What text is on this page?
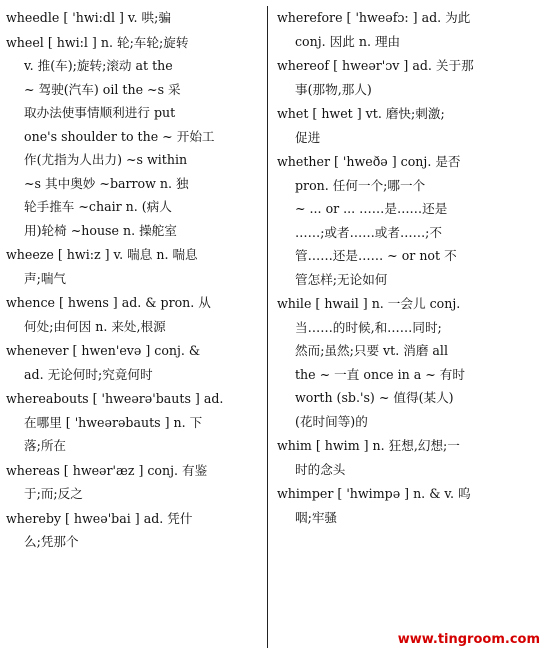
wheedle [ 'hwi:dl ] v. 哄;骗
wheel [ hwi:l ] n. 轮;车轮;旋转
v. 推(车);旋转;滚动 at the
~ 驾驶(汽车) oil the ~s 采
取办法使事情顺利进行 put
one's shoulder to the ~ 开始工
作(尤指为人出力) ~s within
~s 其中奥妙 ~barrow n. 独
轮手推车 ~chair n. (病人
用)轮椅 ~house n. 操舵室
wheeze [ hwi:z ] v. 喘息 n. 喘息
声;喘气
whence [ hwens ] ad. & pron. 从
何处;由何因 n. 来处,根源
whenever [ hwen'evə ] conj. &
ad. 无论何时;究竟何时
whereabouts [ 'hweərə'bauts ] ad.
在哪里 [ 'hweərəbauts ] n. 下
落;所在
whereas [ hweər'æz ] conj. 有鉴
于;而;反之
whereby [ hweə'bai ] ad. 凭什
么;凭那个
wherefore [ 'hweəfɔ: ] ad. 为此
conj. 因此 n. 理由
whereof [ hweər'ɔv ] ad. 关于那
事(那物,那人)
whet [ hwet ] vt. 磨快;刺激;
促进
whether [ 'hweðə ] conj. 是否
pron. 任何一个;哪一个
~ ... or ... ……是……还是
……;或者……或者……;不
管……还是…… ~ or not 不
管怎样;无论如何
while [ hwail ] n. 一会儿 conj.
当……的时候,和……同时;
然而;虽然;只要 vt. 消磨 all
the ~ 一直 once in a ~ 有时
worth (sb.'s) ~ 值得(某人)
(花时间等)的
whim [ hwim ] n. 狂想,幻想;一
时的念头
whimper [ 'hwimpə ] n. & v. 呜
咽;牢骚
www.tingroom.com
